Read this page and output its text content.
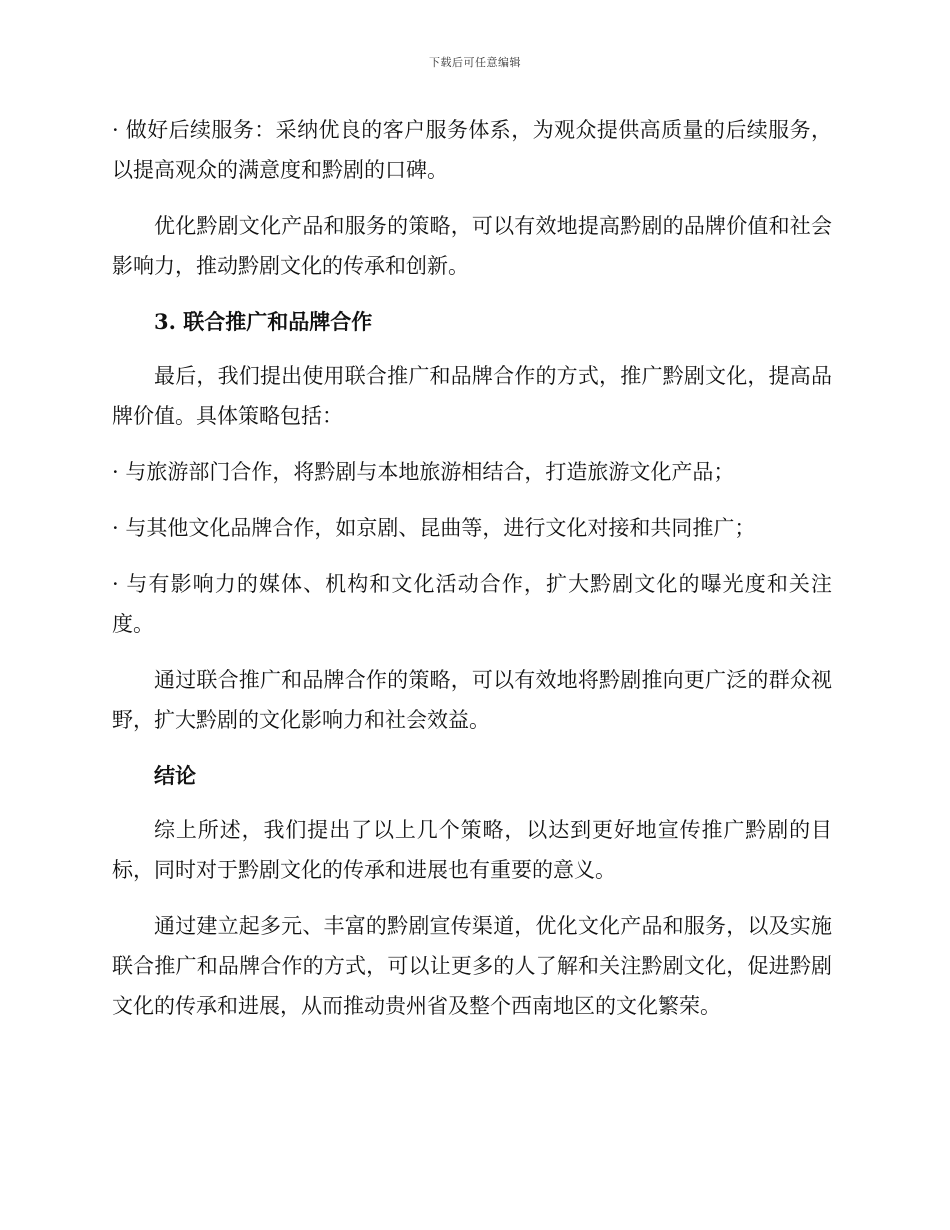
下载后可任意编辑

· 做好后续服务：采纳优良的客户服务体系，为观众提供高质量的后续服务，以提高观众的满意度和黔剧的口碑。

优化黔剧文化产品和服务的策略，可以有效地提高黔剧的品牌价值和社会影响力，推动黔剧文化的传承和创新。

3. 联合推广和品牌合作

最后，我们提出使用联合推广和品牌合作的方式，推广黔剧文化，提高品牌价值。具体策略包括：

· 与旅游部门合作，将黔剧与本地旅游相结合，打造旅游文化产品；

· 与其他文化品牌合作，如京剧、昆曲等，进行文化对接和共同推广；

· 与有影响力的媒体、机构和文化活动合作，扩大黔剧文化的曝光度和关注度。

通过联合推广和品牌合作的策略，可以有效地将黔剧推向更广泛的群众视野，扩大黔剧的文化影响力和社会效益。

结论

综上所述，我们提出了以上几个策略，以达到更好地宣传推广黔剧的目标，同时对于黔剧文化的传承和进展也有重要的意义。

通过建立起多元、丰富的黔剧宣传渠道，优化文化产品和服务，以及实施联合推广和品牌合作的方式，可以让更多的人了解和关注黔剧文化，促进黔剧文化的传承和进展，从而推动贵州省及整个西南地区的文化繁荣。
